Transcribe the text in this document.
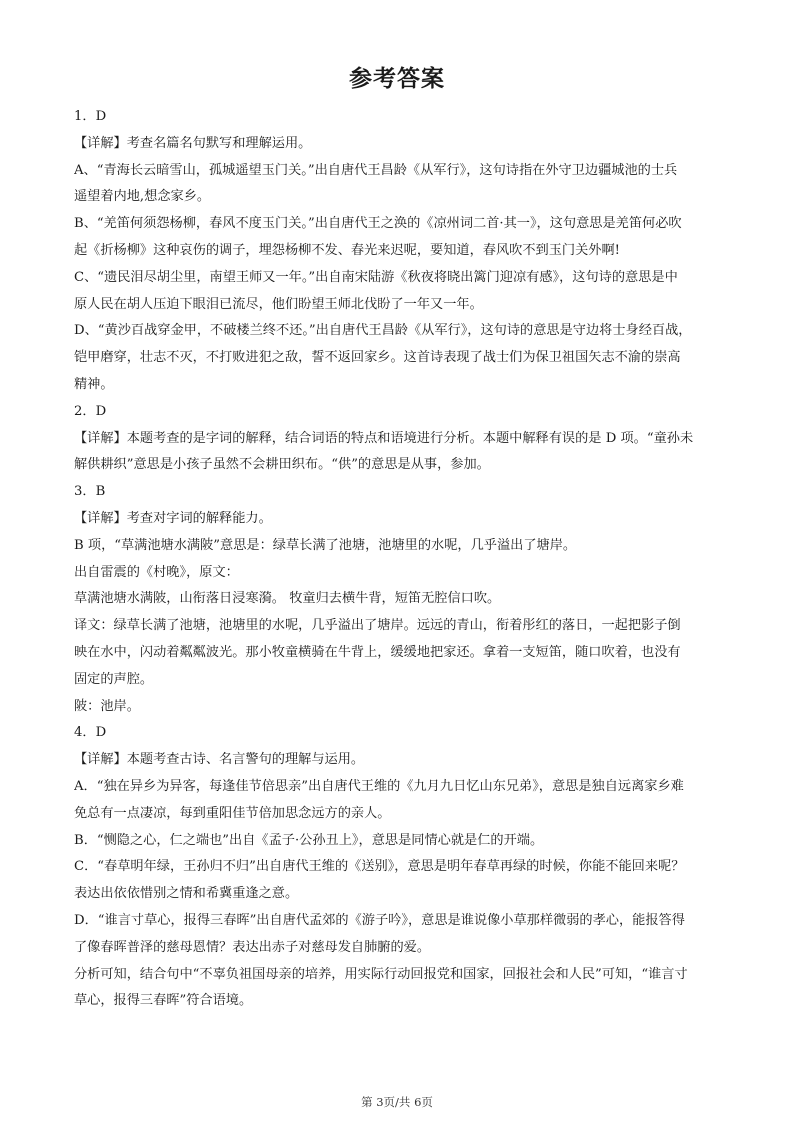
参考答案
1．D
【详解】考查名篇名句默写和理解运用。
A、“青海长云暗雪山，孤城遥望玉门关。”出自唐代王昌龄《从军行》，这句诗指在外守卫边疆城池的士兵
遥望着内地,想念家乡。
B、“羌笛何须怨杨柳，春风不度玉门关。”出自唐代王之涣的《凉州词二首·其一》，这句意思是羌笛何必吹
起《折杨柳》这种哀伤的调子，埋怨杨柳不发、春光来迟呢，要知道，春风吹不到玉门关外啊!
C、“遗民泪尽胡尘里，南望王师又一年。”出自南宋陆游《秋夜将晓出篱门迎凉有感》，这句诗的意思是中
原人民在胡人压迫下眼泪已流尽，他们盼望王师北伐盼了一年又一年。
D、“黄沙百战穿金甲，不破楼兰终不还。”出自唐代王昌龄《从军行》，这句诗的意思是守边将士身经百战，
铠甲磨穿，壮志不灭，不打败进犯之敌，誓不返回家乡。这首诗表现了战士们为保卫祖国矢志不渝的崇高
精神。
2．D
【详解】本题考查的是字词的解释，结合词语的特点和语境进行分析。本题中解释有误的是 D 项。“童孙未
解供耕织”意思是小孩子虽然不会耕田织布。“供”的意思是从事，参加。
3．B
【详解】考查对字词的解释能力。
B 项，“草满池塘水满陂”意思是：绿草长满了池塘，池塘里的水呢，几乎溢出了塘岸。
出自雷震的《村晚》，原文：
草满池塘水满陂，山衔落日浸寒漪。 牧童归去横牛背，短笛无腔信口吹。
译文：绿草长满了池塘，池塘里的水呢，几乎溢出了塘岸。远远的青山，衔着彤红的落日，一起把影子倒
映在水中，闪动着粼粼波光。那小牧童横骑在牛背上，缓缓地把家还。拿着一支短笛，随口吹着，也没有
固定的声腔。
陂：池岸。
4．D
【详解】本题考查古诗、名言警句的理解与运用。
A．“独在异乡为异客，每逢佳节倍思亲”出自唐代王维的《九月九日忆山东兄弟》，意思是独自远离家乡难
免总有一点凄凉，每到重阳佳节倍加思念远方的亲人。
B．“恻隐之心，仁之端也”出自《孟子·公孙丑上》，意思是同情心就是仁的开端。
C．“春草明年绿，王孙归不归”出自唐代王维的《送别》，意思是明年春草再绿的时候，你能不能回来呢？
表达出依依惜别之情和希冀重逢之意。
D．“谁言寸草心，报得三春晖”出自唐代孟郊的《游子吟》，意思是谁说像小草那样微弱的孝心，能报答得
了像春晖普泽的慈母恩情？表达出赤子对慈母发自肺腑的爱。
分析可知，结合句中“不辜负祖国母亲的培养，用实际行动回报党和国家，回报社会和人民”可知，“谁言寸
草心，报得三春晖”符合语境。
第 3页/共 6页
